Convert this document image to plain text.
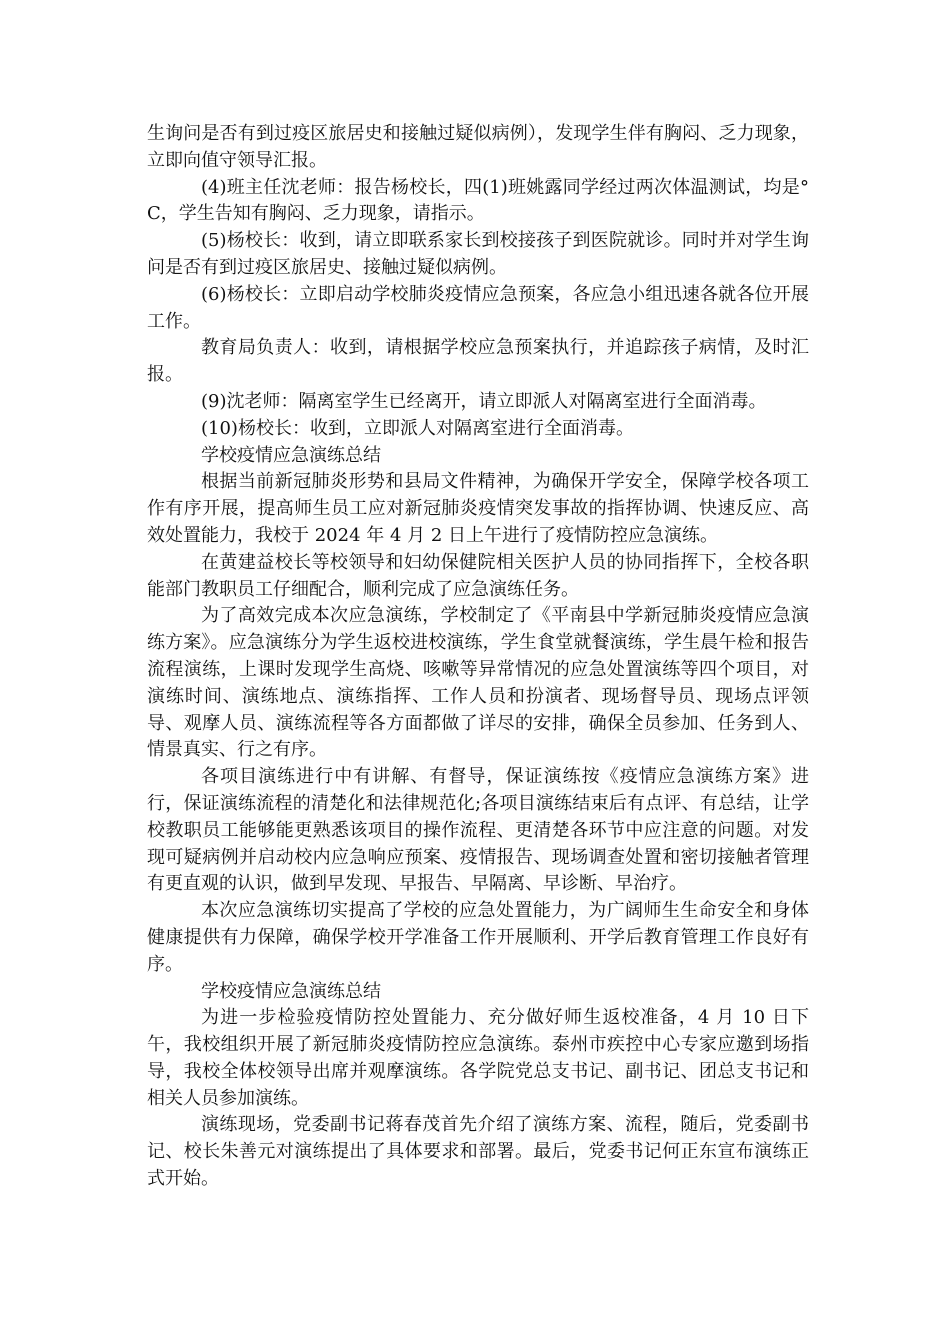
生询问是否有到过疫区旅居史和接触过疑似病例），发现学生伴有胸闷、乏力现象，立即向值守领导汇报。

(4)班主任沈老师：报告杨校长，四(1)班姚露同学经过两次体温测试，均是° C，学生告知有胸闷、乏力现象，请指示。

(5)杨校长：收到，请立即联系家长到校接孩子到医院就诊。同时并对学生询问是否有到过疫区旅居史、接触过疑似病例。

(6)杨校长：立即启动学校肺炎疫情应急预案，各应急小组迅速各就各位开展工作。

教育局负责人：收到，请根据学校应急预案执行，并追踪孩子病情，及时汇报。

(9)沈老师：隔离室学生已经离开，请立即派人对隔离室进行全面消毒。

(10)杨校长：收到，立即派人对隔离室进行全面消毒。

学校疫情应急演练总结

根据当前新冠肺炎形势和县局文件精神，为确保开学安全，保障学校各项工作有序开展，提高师生员工应对新冠肺炎疫情突发事故的指挥协调、快速反应、高效处置能力，我校于 2024 年 4 月 2 日上午进行了疫情防控应急演练。

在黄建益校长等校领导和妇幼保健院相关医护人员的协同指挥下，全校各职能部门教职员工仔细配合，顺利完成了应急演练任务。

为了高效完成本次应急演练，学校制定了《平南县中学新冠肺炎疫情应急演练方案》。应急演练分为学生返校进校演练，学生食堂就餐演练，学生晨午检和报告流程演练，上课时发现学生高烧、咳嗽等异常情况的应急处置演练等四个项目，对演练时间、演练地点、演练指挥、工作人员和扮演者、现场督导员、现场点评领导、观摩人员、演练流程等各方面都做了详尽的安排，确保全员参加、任务到人、情景真实、行之有序。

各项目演练进行中有讲解、有督导，保证演练按《疫情应急演练方案》进行，保证演练流程的清楚化和法律规范化;各项目演练结束后有点评、有总结，让学校教职员工能够能更熟悉该项目的操作流程、更清楚各环节中应注意的问题。对发现可疑病例并启动校内应急响应预案、疫情报告、现场调查处置和密切接触者管理有更直观的认识，做到早发现、早报告、早隔离、早诊断、早治疗。

本次应急演练切实提高了学校的应急处置能力，为广阔师生生命安全和身体健康提供有力保障，确保学校开学准备工作开展顺利、开学后教育管理工作良好有序。

学校疫情应急演练总结

为进一步检验疫情防控处置能力、充分做好师生返校准备，4 月 10 日下午，我校组织开展了新冠肺炎疫情防控应急演练。泰州市疾控中心专家应邀到场指导，我校全体校领导出席并观摩演练。各学院党总支书记、副书记、团总支书记和相关人员参加演练。

演练现场，党委副书记蒋春茂首先介绍了演练方案、流程，随后，党委副书记、校长朱善元对演练提出了具体要求和部署。最后，党委书记何正东宣布演练正式开始。
